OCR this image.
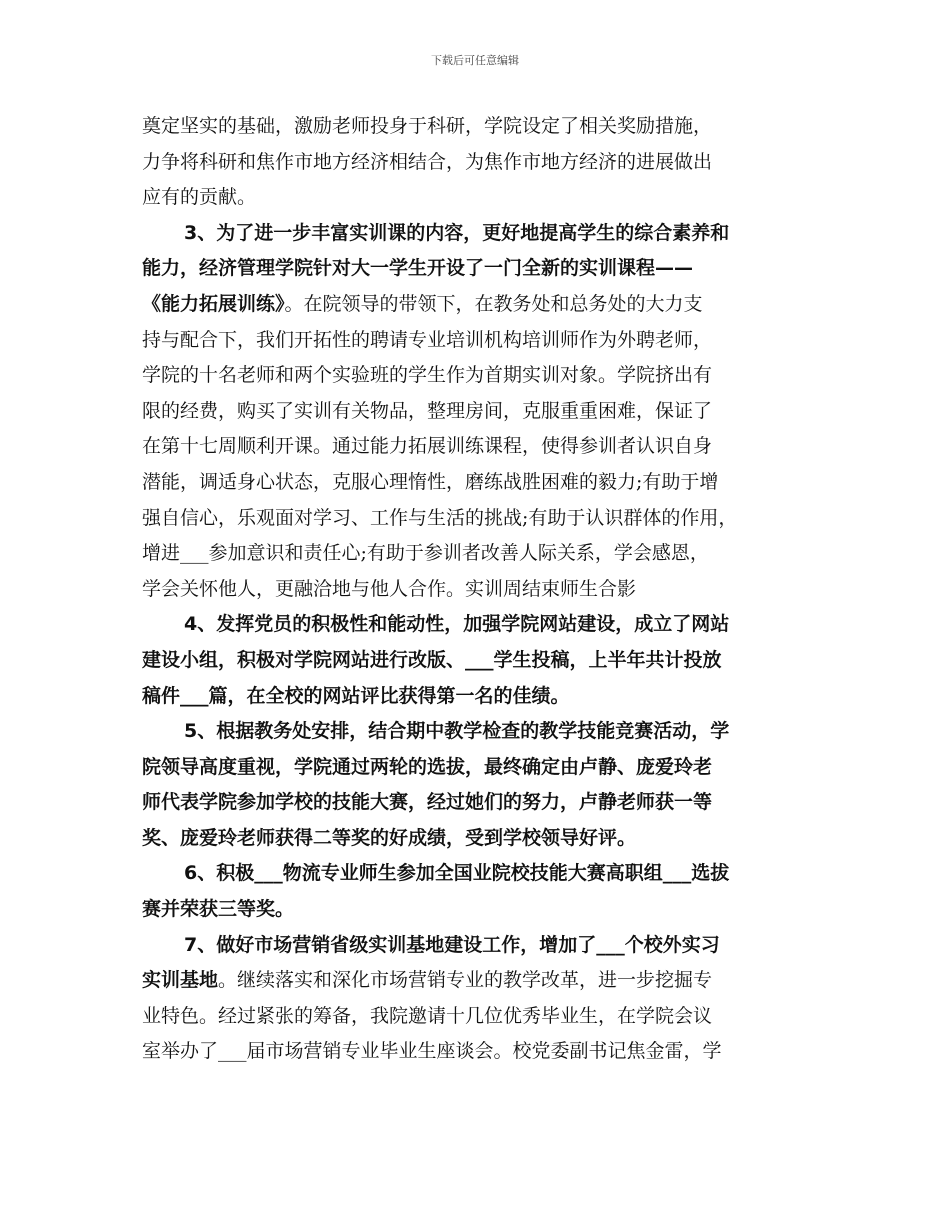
下载后可任意编辑
奠定坚实的基础，激励老师投身于科研，学院设定了相关奖励措施，
力争将科研和焦作市地方经济相结合，为焦作市地方经济的进展做出
应有的贡献。
3、为了进一步丰富实训课的内容，更好地提高学生的综合素养和
能力，经济管理学院针对大一学生开设了一门全新的实训课程——
《能力拓展训练》。在院领导的带领下，在教务处和总务处的大力支
持与配合下，我们开拓性的聘请专业培训机构培训师作为外聘老师，
学院的十名老师和两个实验班的学生作为首期实训对象。学院挤出有
限的经费，购买了实训有关物品，整理房间，克服重重困难，保证了
在第十七周顺利开课。通过能力拓展训练课程，使得参训者认识自身
潜能，调适身心状态，克服心理惰性，磨练战胜困难的毅力;有助于增
强自信心，乐观面对学习、工作与生活的挑战;有助于认识群体的作用，
增进___参加意识和责任心;有助于参训者改善人际关系，学会感恩，
学会关怀他人，更融洽地与他人合作。实训周结束师生合影
4、发挥党员的积极性和能动性，加强学院网站建设，成立了网站
建设小组，积极对学院网站进行改版、___学生投稿，上半年共计投放
稿件___篇，在全校的网站评比获得第一名的佳绩。
5、根据教务处安排，结合期中教学检查的教学技能竞赛活动，学
院领导高度重视，学院通过两轮的选拔，最终确定由卢静、庞爱玲老
师代表学院参加学校的技能大赛，经过她们的努力，卢静老师获一等
奖、庞爱玲老师获得二等奖的好成绩，受到学校领导好评。
6、积极___物流专业师生参加全国业院校技能大赛高职组___选拔
赛并荣获三等奖。
7、做好市场营销省级实训基地建设工作，增加了___个校外实习
实训基地。继续落实和深化市场营销专业的教学改革，进一步挖掘专
业特色。经过紧张的筹备，我院邀请十几位优秀毕业生，在学院会议
室举办了___届市场营销专业毕业生座谈会。校党委副书记焦金雷，学
